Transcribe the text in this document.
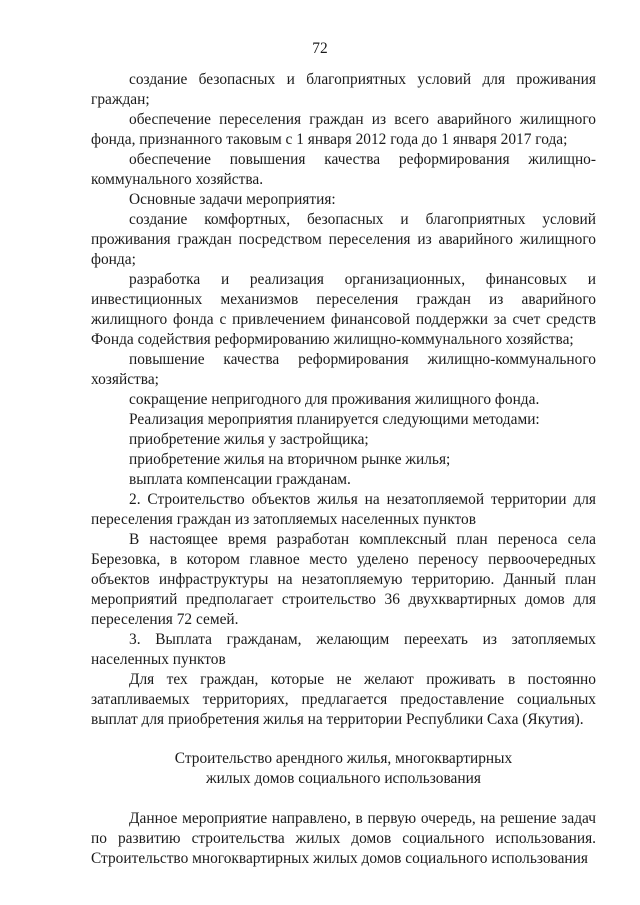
72

создание безопасных и благоприятных условий для проживания граждан;

обеспечение переселения граждан из всего аварийного жилищного фонда, признанного таковым с 1 января 2012 года до 1 января 2017 года;

обеспечение повышения качества реформирования жилищно-коммунального хозяйства.

Основные задачи мероприятия:

создание комфортных, безопасных и благоприятных условий проживания граждан посредством переселения из аварийного жилищного фонда;

разработка и реализация организационных, финансовых и инвестиционных механизмов переселения граждан из аварийного жилищного фонда с привлечением финансовой поддержки за счет средств Фонда содействия реформированию жилищно-коммунального хозяйства;

повышение качества реформирования жилищно-коммунального хозяйства;

сокращение непригодного для проживания жилищного фонда.

Реализация мероприятия планируется следующими методами:

приобретение жилья у застройщика;

приобретение жилья на вторичном рынке жилья;

выплата компенсации гражданам.

2. Строительство объектов жилья на незатопляемой территории для переселения граждан из затопляемых населенных пунктов

В настоящее время разработан комплексный план переноса села Березовка, в котором главное место уделено переносу первоочередных объектов инфраструктуры на незатопляемую территорию. Данный план мероприятий предполагает строительство 36 двухквартирных домов для переселения 72 семей.

3. Выплата гражданам, желающим переехать из затопляемых населенных пунктов

Для тех граждан, которые не желают проживать в постоянно затапливаемых территориях, предлагается предоставление социальных выплат для приобретения жилья на территории Республики Саха (Якутия).

Строительство арендного жилья, многоквартирных
жилых домов социального использования

Данное мероприятие направлено, в первую очередь, на решение задач по развитию строительства жилых домов социального использования. Строительство многоквартирных жилых домов социального использования
